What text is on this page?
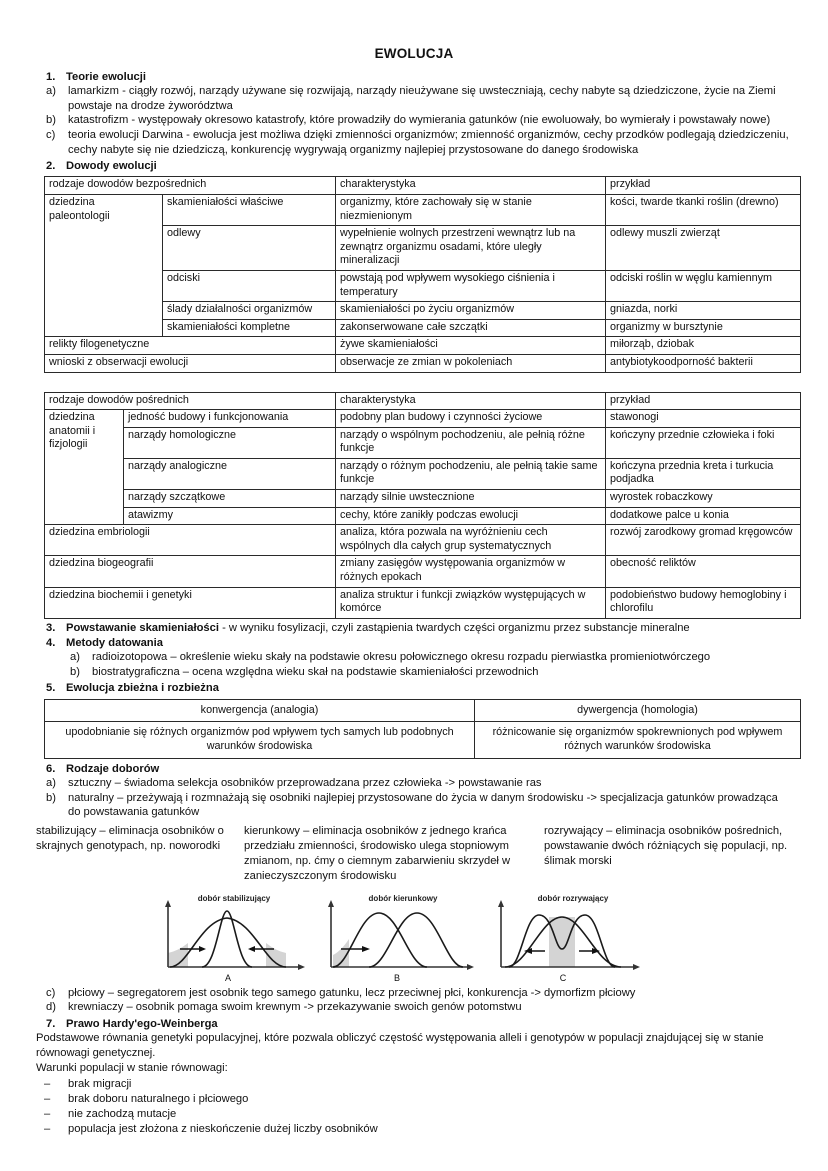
EWOLUCJA
1. Teorie ewolucji
a)	lamarkizm - ciągły rozwój, narządy używane się rozwijają, narządy nieużywane się uwsteczniają, cechy nabyte są dziedziczone, życie na Ziemi powstaje na drodze żyworództwa
b)	katastrofizm - występowały okresowo katastrofy, które prowadziły do wymierania gatunków (nie ewoluowały, bo wymierały i powstawały nowe)
c)	teoria ewolucji Darwina - ewolucja jest możliwa dzięki zmienności organizmów; zmienność organizmów, cechy przodków podlegają dziedziczeniu, cechy nabyte się nie dziedziczą, konkurencję wygrywają organizmy najlepiej przystosowane do danego środowiska
2. Dowody ewolucji
rodzaje dowodów bezpośrednich		charakterystyka	przykład
dziedzina paleontologii	skamieniałości właściwe	organizmy, które zachowały się w stanie niezmienionym	kości, twarde tkanki roślin (drewno)
	odlewy	wypełnienie wolnych przestrzeni wewnątrz lub na zewnątrz organizmu osadami, które uległy mineralizacji	odlewy muszli zwierząt
	odciski	powstają pod wpływem wysokiego ciśnienia i temperatury	odciski roślin w węglu kamiennym
	ślady działalności organizmów	skamieniałości po życiu organizmów	gniazda, norki
	skamieniałości kompletne	zakonserwowane całe szczątki	organizmy w bursztynie
relikty filogenetyczne		żywe skamieniałości	miłorząb, dziobak
wnioski z obserwacji ewolucji		obserwacje ze zmian w pokoleniach	antybiotykoodporność bakterii
rodzaje dowodów pośrednich		charakterystyka	przykład
dziedzina anatomii i fizjologii	jedność budowy i funkcjonowania	podobny plan budowy i czynności życiowe	stawonogi
	narządy homologiczne	narządy o wspólnym pochodzeniu, ale pełnią różne funkcje	kończyny przednie człowieka i foki
	narządy analogiczne	narządy o różnym pochodzeniu, ale pełnią takie same funkcje	kończyna przednia kreta i turkucia podjadka
	narządy szczątkowe	narządy silnie uwstecznione	wyrostek robaczkowy
	atawizmy	cechy, które zanikły podczas ewolucji	dodatkowe palce u konia
dziedzina embriologii		analiza, która pozwala na wyróżnieniu cech wspólnych dla całych grup systematycznych	rozwój zarodkowy gromad kręgowców
dziedzina biogeografii		zmiany zasięgów występowania organizmów w różnych epokach	obecność reliktów
dziedzina biochemii i genetyki		analiza struktur i funkcji związków występujących w komórce	podobieństwo budowy hemoglobiny i chlorofilu
3. Powstawanie skamieniałości - w wyniku fosylizacji, czyli zastąpienia twardych części organizmu przez substancje mineralne
4. Metody datowania
a)	radioizotopowa – określenie wieku skały na podstawie okresu połowicznego okresu rozpadu pierwiastka promieniotwórczego
b)	biostratygraficzna – ocena względna wieku skał na podstawie skamieniałości przewodnich
5. Ewolucja zbieżna i rozbieżna
konwergencja (analogia)	dywergencja (homologia)
upodobnianie się różnych organizmów pod wpływem tych samych lub podobnych warunków środowiska	różnicowanie się organizmów spokrewnionych pod wpływem różnych warunków środowiska
6. Rodzaje doborów
a)	sztuczny – świadoma selekcja osobników przeprowadzana przez człowieka -> powstawanie ras
b)	naturalny – przeżywają i rozmnażają się osobniki najlepiej przystosowane do życia w danym środowisku -> specjalizacja gatunków prowadząca do powstawania gatunków
stabilizujący – eliminacja osobników o skrajnych genotypach, np. noworodki
kierunkowy – eliminacja osobników z jednego krańca przedziału zmienności, środowisko ulega stopniowym zmianom, np. ćmy o ciemnym zabarwieniu skrzydeł w zanieczyszczonym środowisku
rozrywający – eliminacja osobników pośrednich, powstawanie dwóch różniących się populacji, np. ślimak morski
dobór stabilizujący
A
dobór kierunkowy
B
dobór rozrywający
C
c)	płciowy – segregatorem jest osobnik tego samego gatunku, lecz przeciwnej płci, konkurencja -> dymorfizm płciowy
d)	krewniaczy – osobnik pomaga swoim krewnym -> przekazywanie swoich genów potomstwu
7. Prawo Hardy'ego-Weinberga
Podstawowe równania genetyki populacyjnej, które pozwala obliczyć częstość występowania alleli i genotypów w populacji znajdującej się w stanie równowagi genetycznej.
Warunki populacji w stanie równowagi:
–	brak migracji
–	brak doboru naturalnego i płciowego
–	nie zachodzą mutacje
–	populacja jest złożona z nieskończenie dużej liczby osobników
